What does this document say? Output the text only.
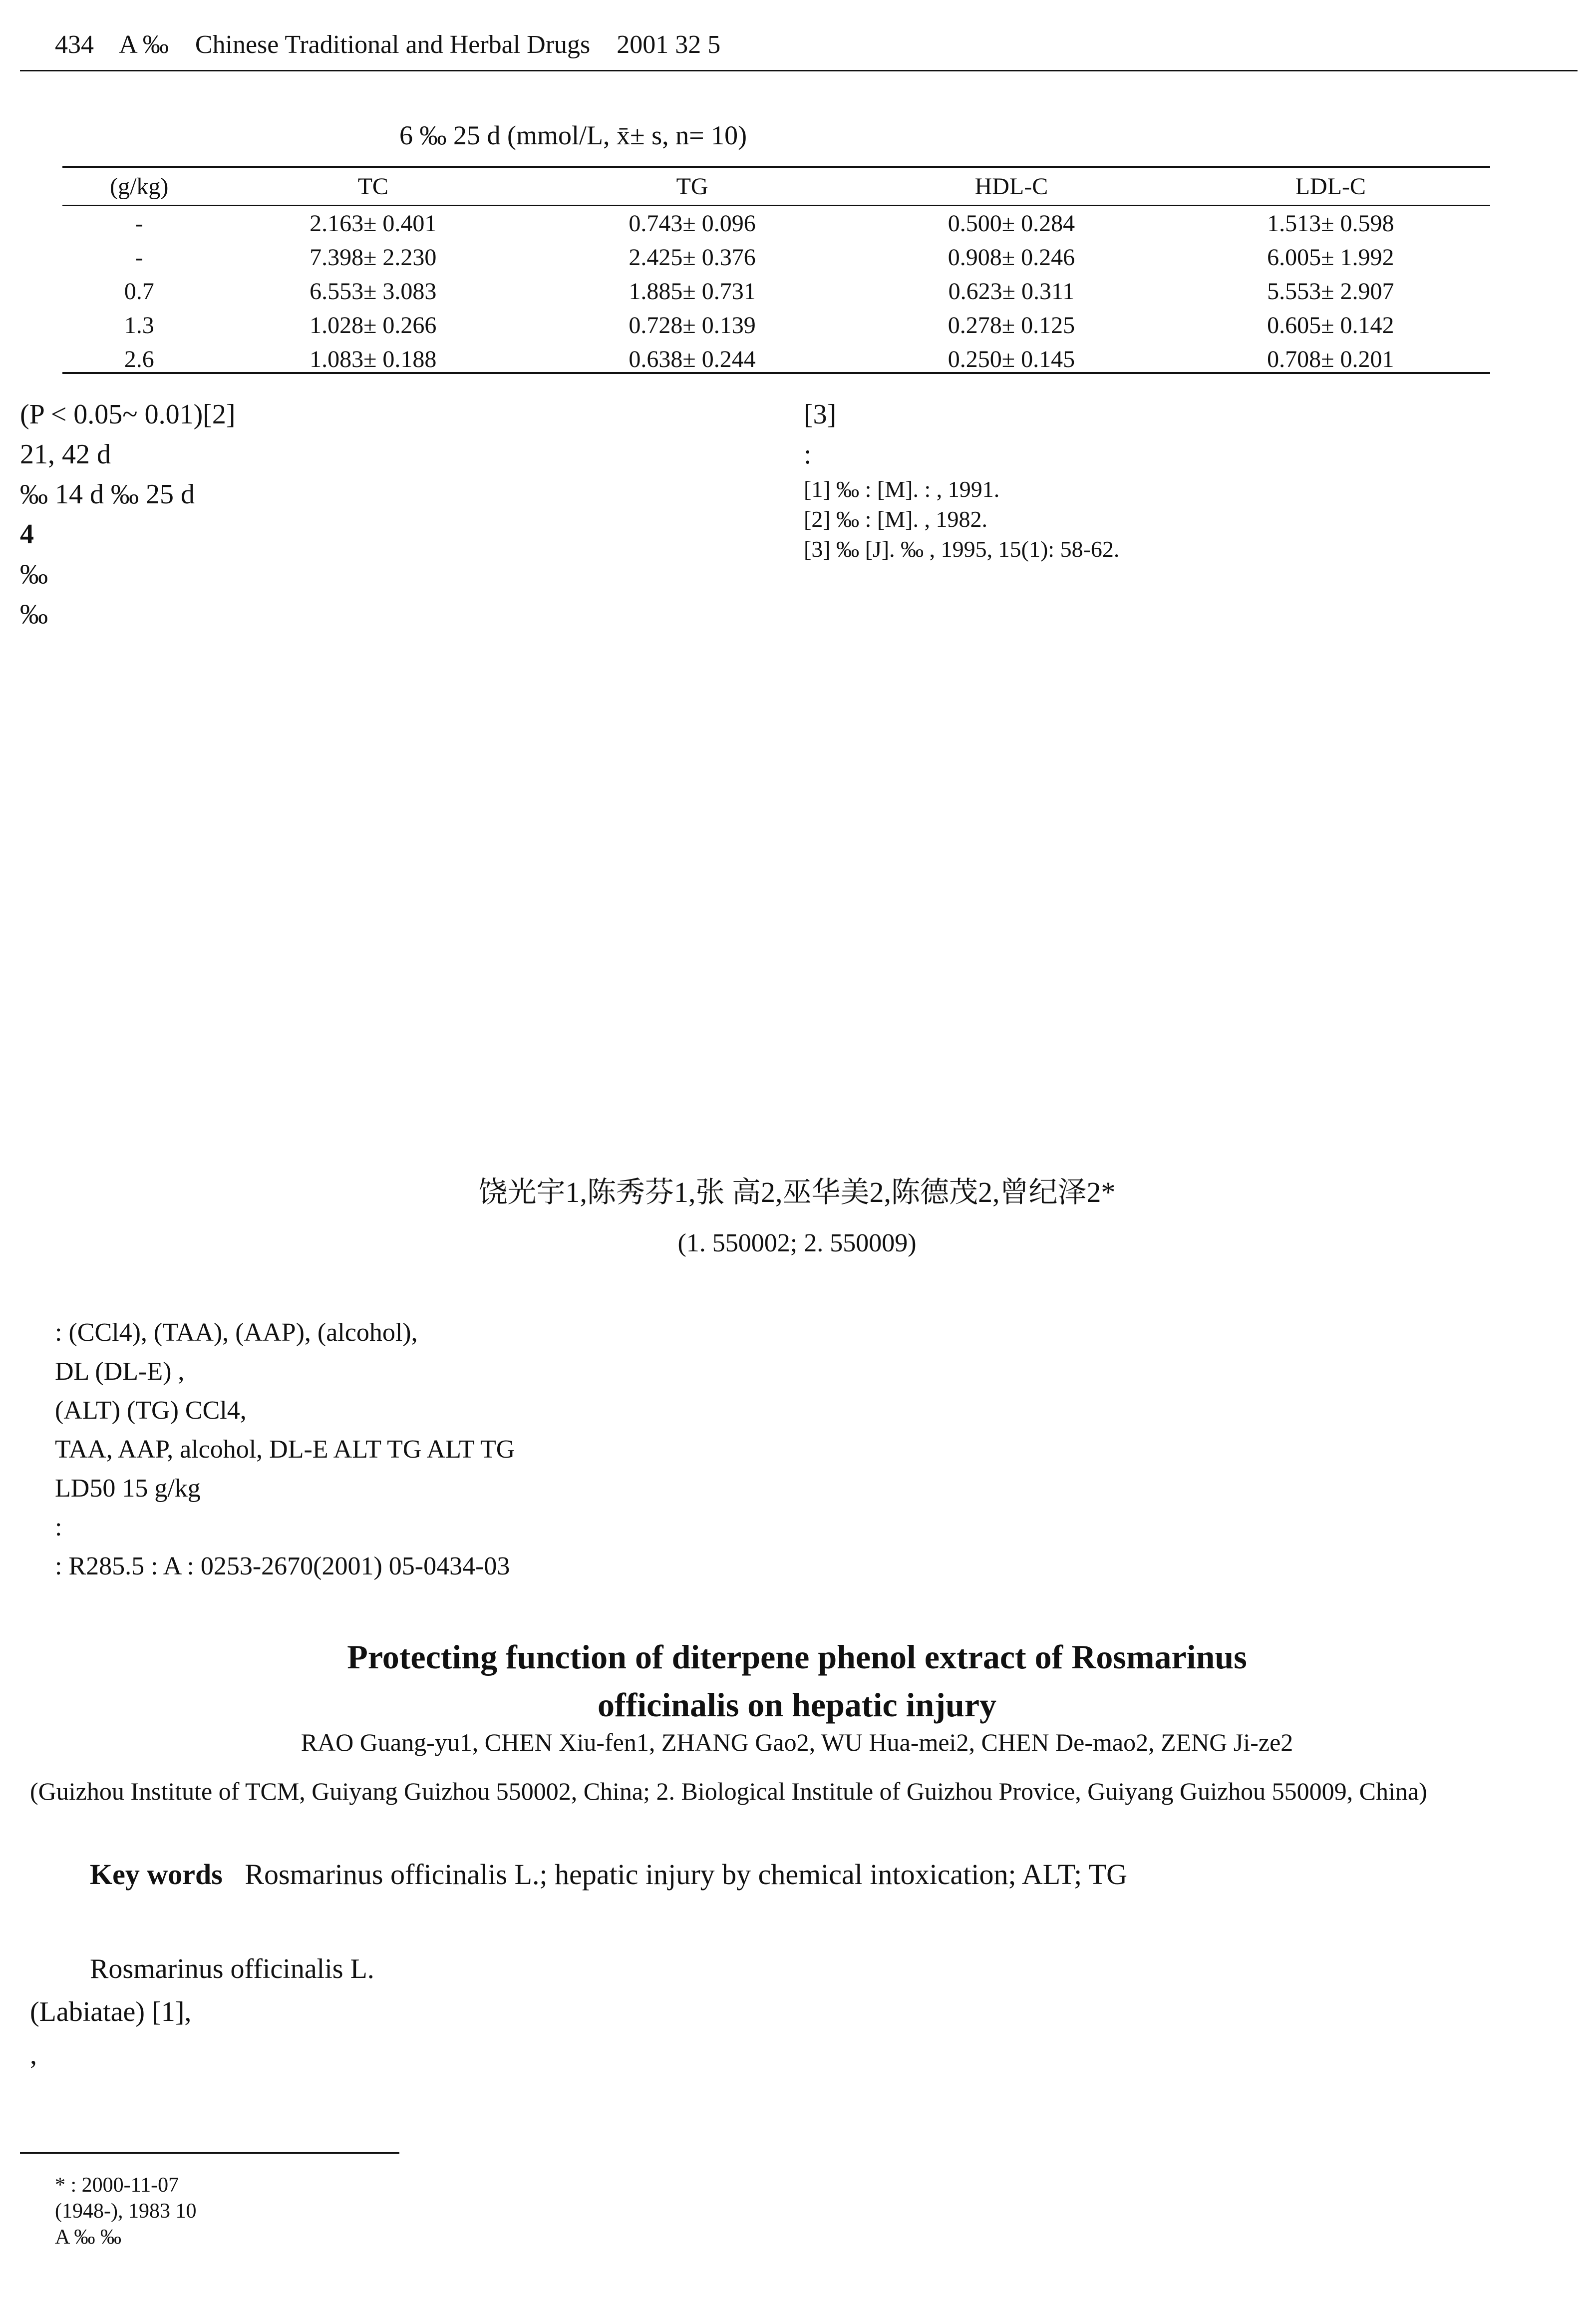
434 A ‰ Chinese Traditional and Herbal Drugs 2001 32 5
6 ‰ 25 d (mmol/L, x̄± s, n= 10)
	(g/kg)	TC	TG	HDL-C	LDL-C
	-	2.163± 0.401	0.743± 0.096	0.500± 0.284	1.513± 0.598
	-	7.398± 2.230	2.425± 0.376	0.908± 0.246	6.005± 1.992
	0.7	6.553± 3.083	1.885± 0.731	0.623± 0.311	5.553± 2.907
	1.3	1.028± 0.266	0.728± 0.139	0.278± 0.125	0.605± 0.142
	2.6	1.083± 0.188	0.638± 0.244	0.250± 0.145	0.708± 0.201

(P < 0.05~ 0.01)[2]

21, 42 d

‰ 14 d ‰ 25 d

4

‰

‰

[3]

:

[1] ‰ : [M]. : , 1991.

[2] ‰ : [M]. , 1982.

[3] ‰ [J]. ‰ , 1995, 15(1): 58-62.

饶光宇1,陈秀芬1,张 高2,巫华美2,陈德茂2,曾纪泽2*
(1. 550002; 2. 550009)

: (CCl4), (TAA), (AAP), (alcohol),

DL (DL-E) ,

(ALT) (TG) CCl4,

TAA, AAP, alcohol, DL-E ALT TG ALT TG

LD50 15 g/kg

:

: R285.5 : A : 0253-2670(2001) 05-0434-03

Protecting function of diterpene phenol extract of Rosmarinus
officinalis on hepatic injury
RAO Guang-yu1, CHEN Xiu-fen1, ZHANG Gao2, WU Hua-mei2, CHEN De-mao2, ZENG Ji-ze2
(Guizhou Institute of TCM, Guiyang Guizhou 550002, China; 2. Biological Institule of Guizhou Provice, Guiyang Guizhou 550009, China)
Key words Rosmarinus officinalis L.; hepatic injury by chemical intoxication; ALT; TG

Rosmarinus officinalis L.

(Labiatae) [1],

,

* : 2000-11-07

(1948-), 1983 10

A ‰ ‰
